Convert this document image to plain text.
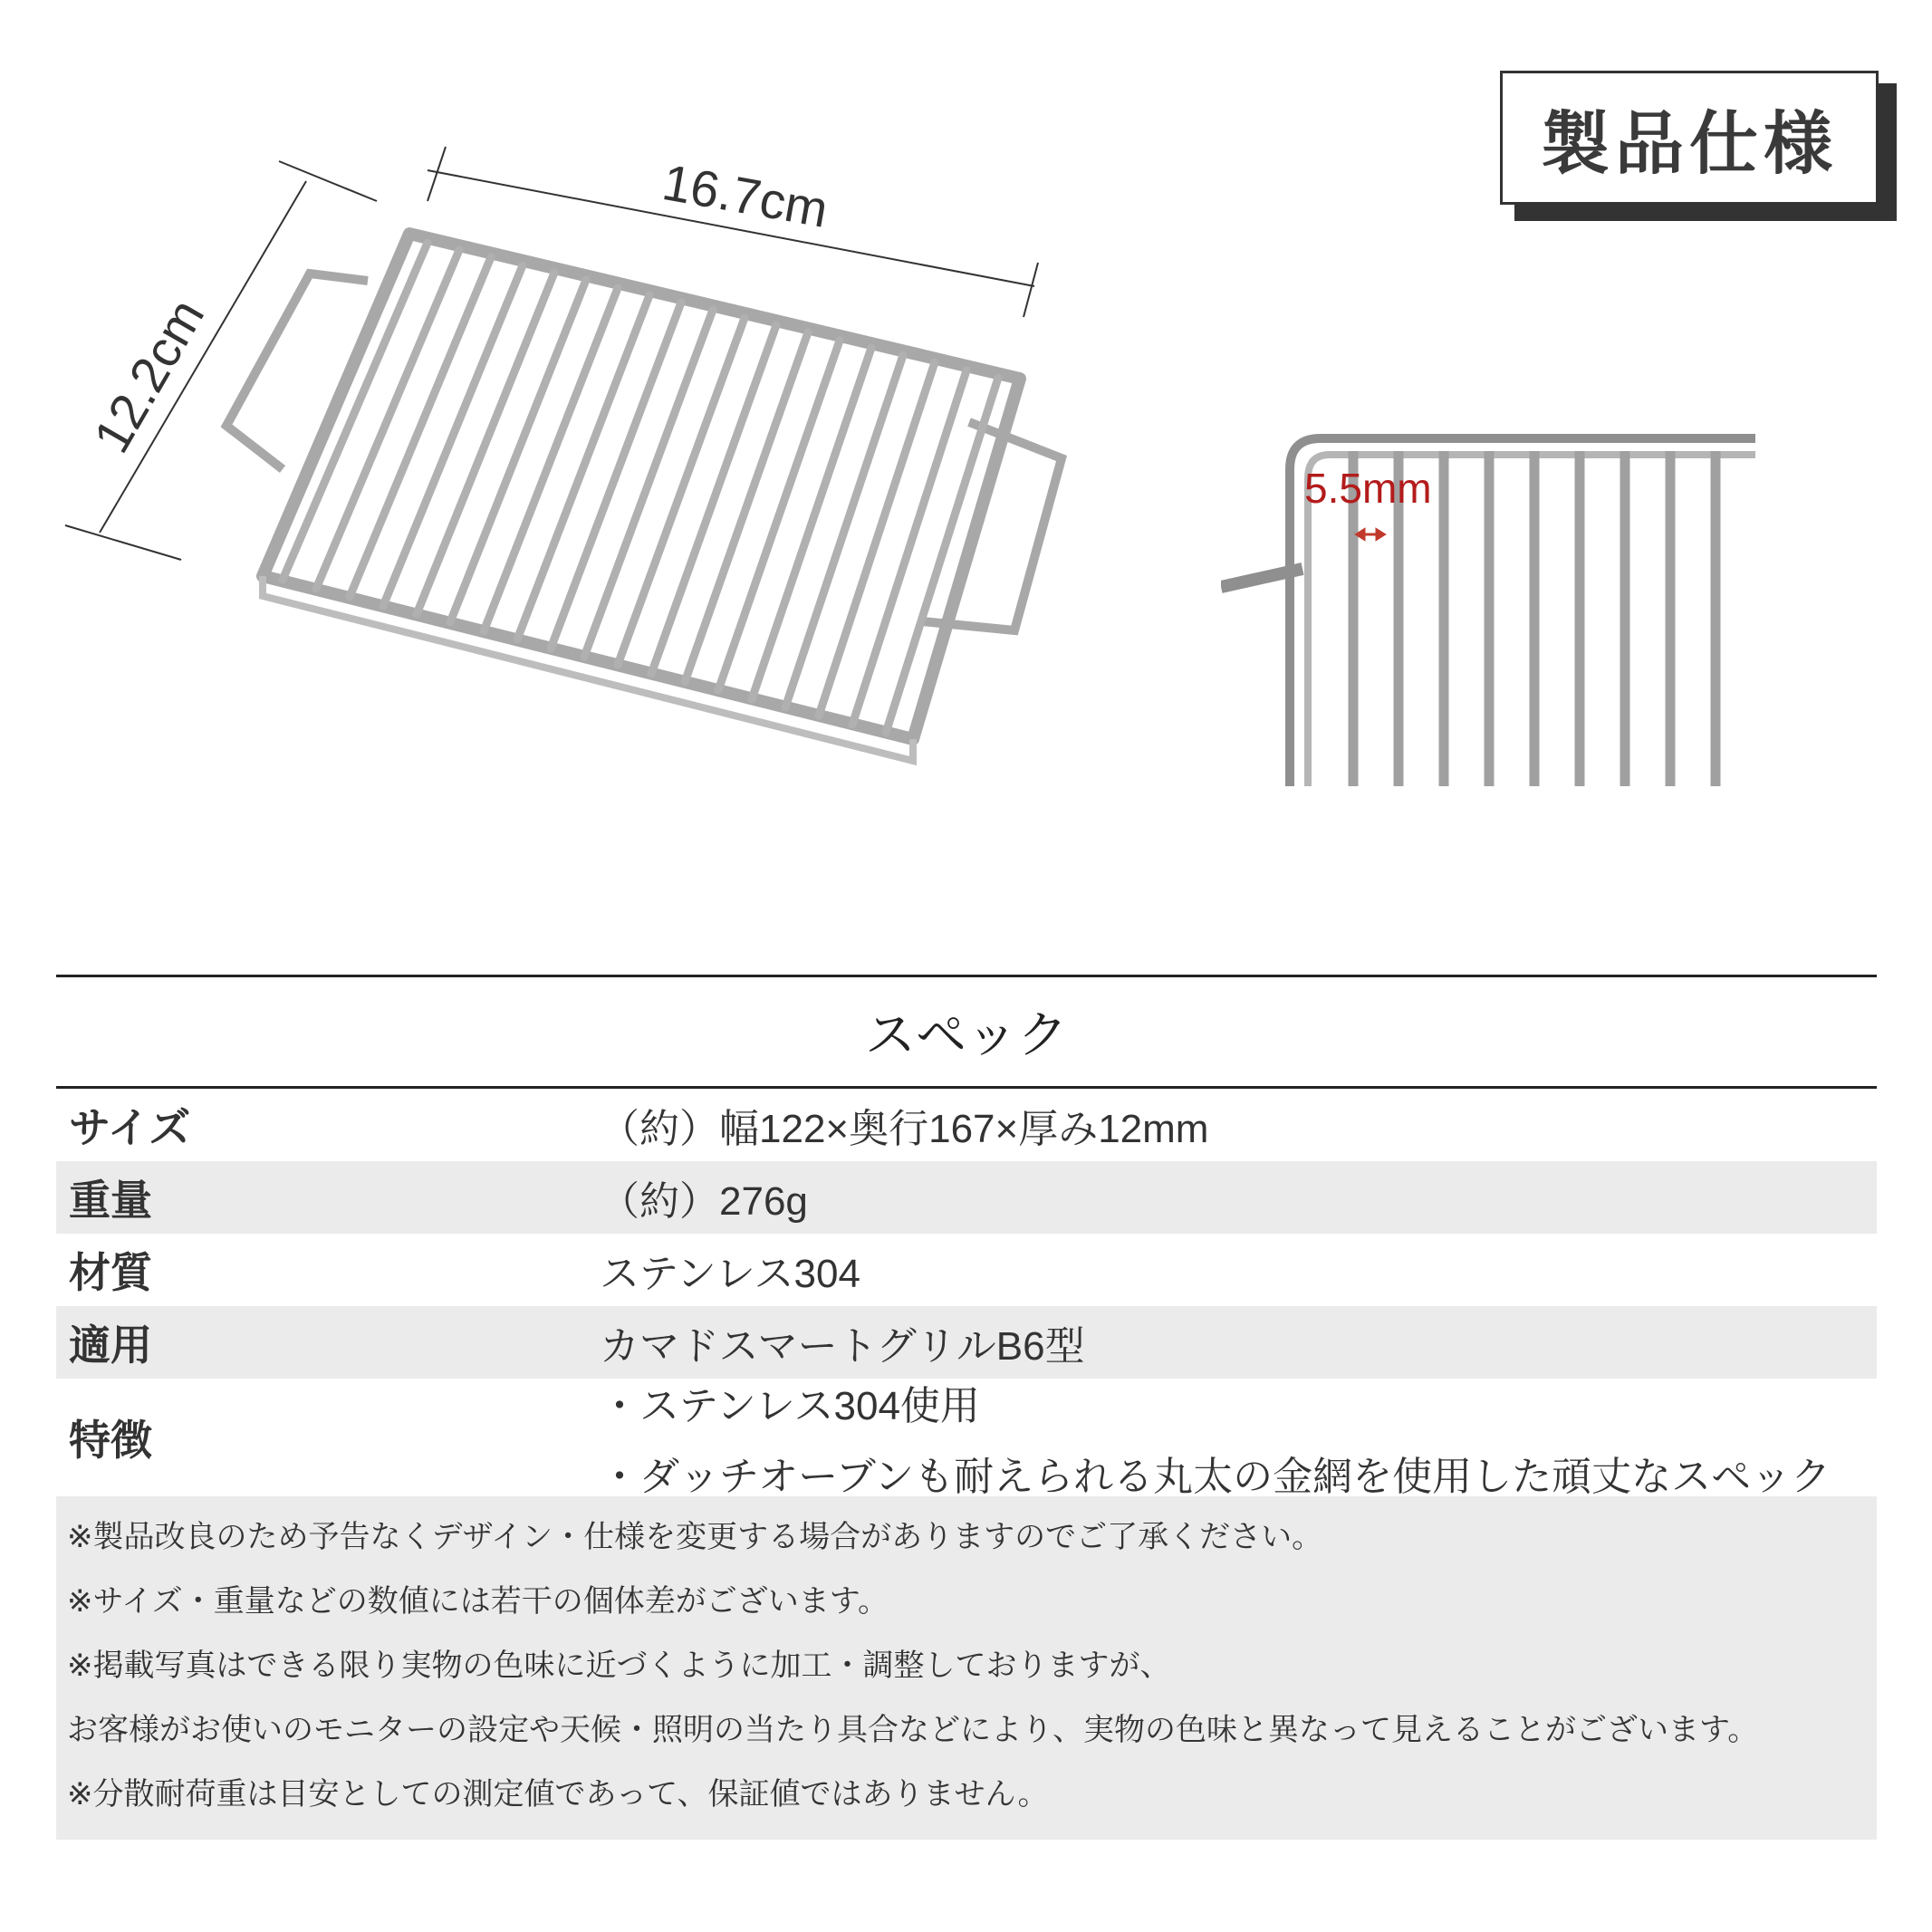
製品仕様
16.7cm
12.2cm
5.5mm
スペック
サイズ	（約）幅122×奥行167×厚み12mm
重量	（約）276g
材質	ステンレス304
適用	カマドスマートグリルB6型
特徴
・ステンレス304使用
・ダッチオーブンも耐えられる丸太の金網を使用した頑丈なスペック
※製品改良のため予告なくデザイン・仕様を変更する場合がありますのでご了承ください。
※サイズ・重量などの数値には若干の個体差がございます。
※掲載写真はできる限り実物の色味に近づくように加工・調整しておりますが、
お客様がお使いのモニターの設定や天候・照明の当たり具合などにより、実物の色味と異なって見えることがございます。
※分散耐荷重は目安としての測定値であって、保証値ではありません。
